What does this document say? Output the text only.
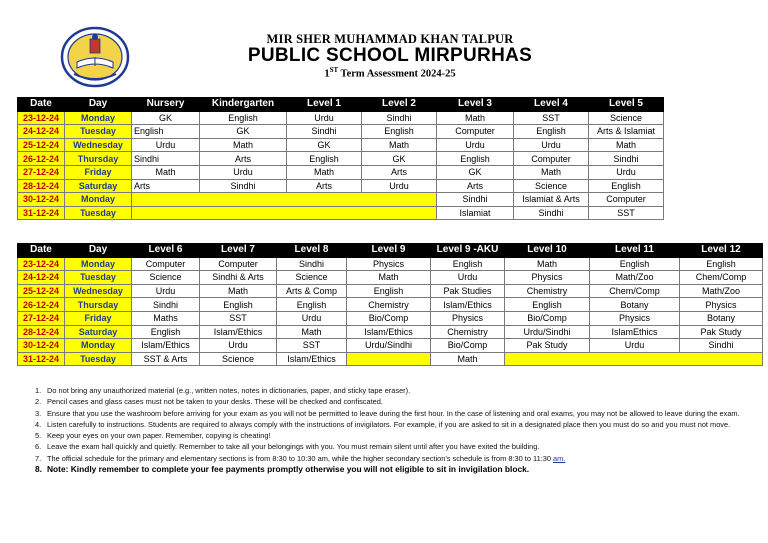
MIR SHER MUHAMMAD KHAN TALPUR
PUBLIC SCHOOL MIRPURHAS
1ST Term Assessment 2024-25
Date	Day	Nursery	Kindergarten	Level 1	Level 2	Level 3	Level 4	Level 5
23-12-24	Monday	GK	English	Urdu	Sindhi	Math	SST	Science
24-12-24	Tuesday	English	GK	Sindhi	English	Computer	English	Arts & Islamiat
25-12-24	Wednesday	Urdu	Math	GK	Math	Urdu	Urdu	Math
26-12-24	Thursday	Sindhi	Arts	English	GK	English	Computer	Sindhi
27-12-24	Friday	Math	Urdu	Math	Arts	GK	Math	Urdu
28-12-24	Saturday	Arts	Sindhi	Arts	Urdu	Arts	Science	English
30-12-24	Monday					Sindhi	Islamiat & Arts	Computer
31-12-24	Tuesday					Islamiat	Sindhi	SST
Date	Day	Level 6	Level 7	Level 8	Level 9	Level 9 -AKU	Level 10	Level 11	Level 12
23-12-24	Monday	Computer	Computer	Sindhi	Physics	English	Math	English	English
24-12-24	Tuesday	Science	Sindhi & Arts	Science	Math	Urdu	Physics	Math/Zoo	Chem/Comp
25-12-24	Wednesday	Urdu	Math	Arts & Comp	English	Pak Studies	Chemistry	Chem/Comp	Math/Zoo
26-12-24	Thursday	Sindhi	English	English	Chemistry	Islam/Ethics	English	Botany	Physics
27-12-24	Friday	Maths	SST	Urdu	Bio/Comp	Physics	Bio/Comp	Physics	Botany
28-12-24	Saturday	English	Islam/Ethics	Math	Islam/Ethics	Chemistry	Urdu/Sindhi	IslamEthics	Pak Study
30-12-24	Monday	Islam/Ethics	Urdu	SST	Urdu/Sindhi	Bio/Comp	Pak Study	Urdu	Sindhi
31-12-24	Tuesday	SST & Arts	Science	Islam/Ethics		Math			
1. Do not bring any unauthorized material (e.g., written notes, notes in dictionaries, paper, and sticky tape eraser).
2. Pencil cases and glass cases must not be taken to your desks. These will be checked and confiscated.
3. Ensure that you use the washroom before arriving for your exam as you will not be permitted to leave during the first hour. In the case of listening and oral exams, you may not be allowed to leave during the exam.
4. Listen carefully to instructions. Students are required to always comply with the instructions of invigilators. For example, if you are asked to sit in a designated place then you must do so and you must not move.
5. Keep your eyes on your own paper. Remember, copying is cheating!
6. Leave the exam hall quickly and quietly. Remember to take all your belongings with you. You must remain silent until after you have exited the building.
7. The official schedule for the primary and elementary sections is from 8:30 to 10:30 am, while the higher secondary section's schedule is from 8:30 to 11:30 am.
8. Note: Kindly remember to complete your fee payments promptly otherwise you will not eligible to sit in invigilation block.
